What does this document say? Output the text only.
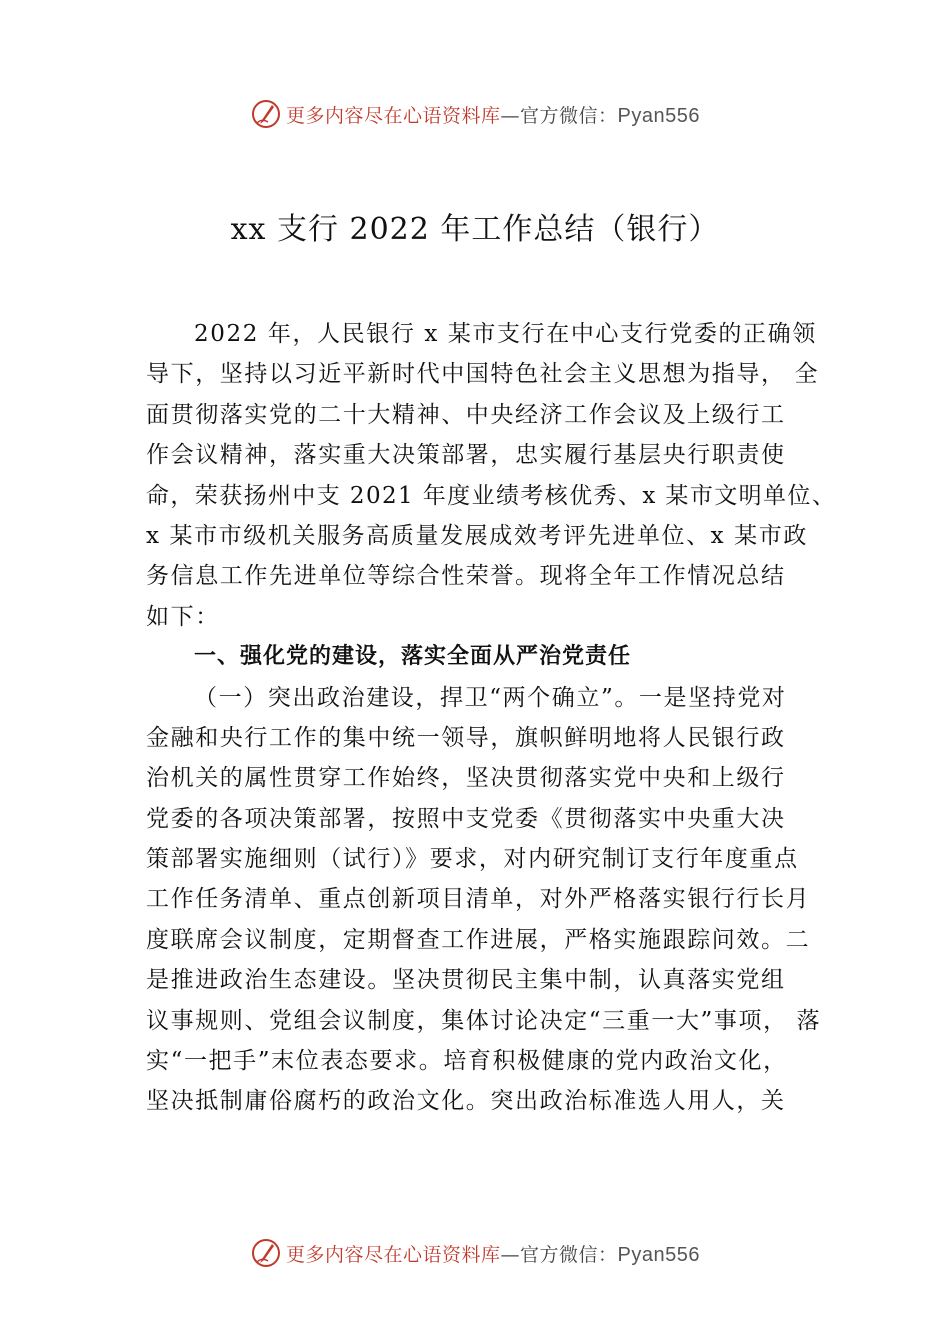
更多内容尽在心语资料库—官方微信：Pyan556
xx 支行 2022 年工作总结（银行）
2022 年，人民银行 x 某市支行在中心支行党委的正确领
导下，坚持以习近平新时代中国特色社会主义思想为指导， 全
面贯彻落实党的二十大精神、中央经济工作会议及上级行工
作会议精神，落实重大决策部署，忠实履行基层央行职责使
命，荣获扬州中支 2021 年度业绩考核优秀、x 某市文明单位、
x 某市市级机关服务高质量发展成效考评先进单位、x 某市政
务信息工作先进单位等综合性荣誉。现将全年工作情况总结
如下：
一、强化党的建设，落实全面从严治党责任
（一）突出政治建设，捍卫“两个确立”。一是坚持党对
金融和央行工作的集中统一领导，旗帜鲜明地将人民银行政
治机关的属性贯穿工作始终，坚决贯彻落实党中央和上级行
党委的各项决策部署，按照中支党委《贯彻落实中央重大决
策部署实施细则（试行）》要求，对内研究制订支行年度重点
工作任务清单、重点创新项目清单，对外严格落实银行行长月
度联席会议制度，定期督查工作进展，严格实施跟踪问效。二
是推进政治生态建设。坚决贯彻民主集中制，认真落实党组
议事规则、党组会议制度，集体讨论决定“三重一大”事项， 落
实“一把手”末位表态要求。培育积极健康的党内政治文化，
坚决抵制庸俗腐朽的政治文化。突出政治标准选人用人，关
更多内容尽在心语资料库—官方微信：Pyan556
